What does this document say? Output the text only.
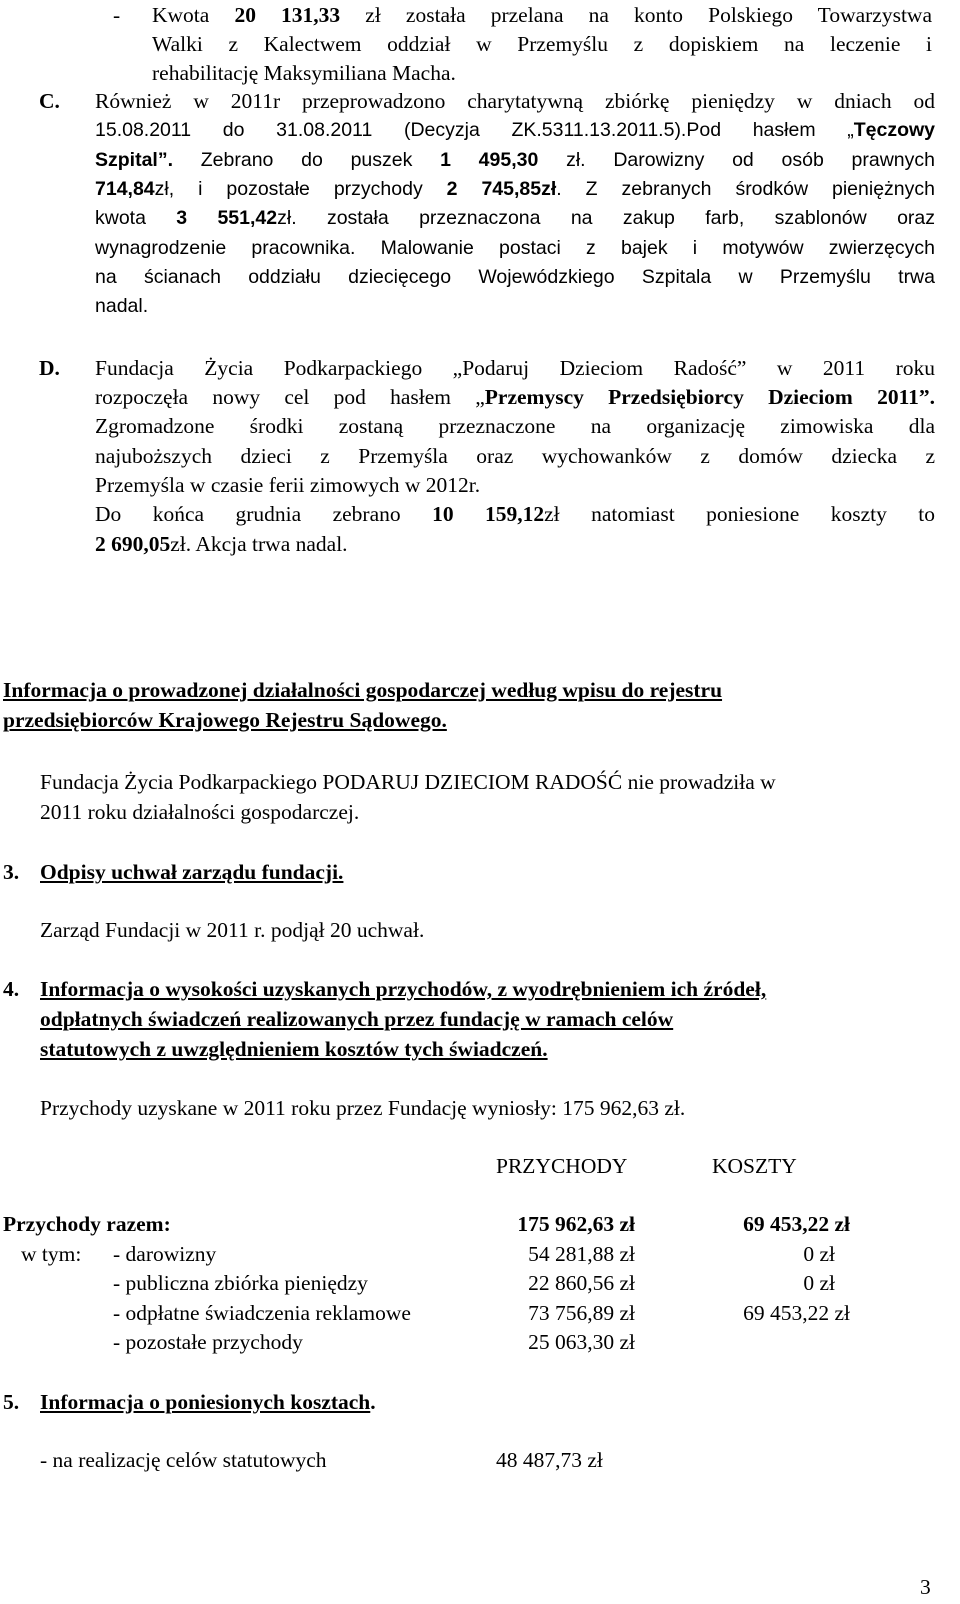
- Kwota 20 131,33 zł została przelana na konto Polskiego Towarzystwa
Walki z Kalectwem oddział w Przemyślu z dopiskiem na leczenie i
rehabilitację Maksymiliana Macha.
C. Również w 2011r przeprowadzono charytatywną zbiórkę pieniędzy w dniach od
15.08.2011 do 31.08.2011 (Decyzja ZK.5311.13.2011.5).Pod hasłem „Tęczowy
Szpital”. Zebrano do puszek 1 495,30 zł. Darowizny od osób prawnych
714,84zł, i pozostałe przychody 2 745,85zł. Z zebranych środków pieniężnych
kwota 3 551,42zł. została przeznaczona na zakup farb, szablonów oraz
wynagrodzenie pracownika. Malowanie postaci z bajek i motywów zwierzęcych
na ścianach oddziału dziecięcego Wojewódzkiego Szpitala w Przemyślu trwa
nadal.
D. Fundacja Życia Podkarpackiego „Podaruj Dzieciom Radość” w 2011 roku
rozpoczęła nowy cel pod hasłem „Przemyscy Przedsiębiorcy Dzieciom 2011”.
Zgromadzone środki zostaną przeznaczone na organizację zimowiska dla
najuboższych dzieci z Przemyśla oraz wychowanków z domów dziecka z
Przemyśla w czasie ferii zimowych w 2012r.
Do końca grudnia zebrano 10 159,12zł natomiast poniesione koszty to
2 690,05zł. Akcja trwa nadal.
Informacja o prowadzonej działalności gospodarczej według wpisu do rejestru
przedsiębiorców Krajowego Rejestru Sądowego.
Fundacja Życia Podkarpackiego PODARUJ DZIECIOM RADOŚĆ nie prowadziła w
2011 roku działalności gospodarczej.
3. Odpisy uchwał zarządu fundacji.
Zarząd Fundacji w 2011 r. podjął 20 uchwał.
4. Informacja o wysokości uzyskanych przychodów, z wyodrębnieniem ich źródeł,
odpłatnych świadczeń realizowanych przez fundację w ramach celów
statutowych z uwzględnieniem kosztów tych świadczeń.
Przychody uzyskane w 2011 roku przez Fundację wyniosły: 175 962,63 zł.
PRZYCHODY	KOSZTY
Przychody razem:	175 962,63 zł	69 453,22 zł
w tym: - darowizny	54 281,88 zł	0 zł
- publiczna zbiórka pieniędzy	22 860,56 zł	0 zł
- odpłatne świadczenia reklamowe	73 756,89 zł	69 453,22 zł
- pozostałe przychody	25 063,30 zł
5. Informacja o poniesionych kosztach.
- na realizację celów statutowych	48 487,73 zł
3
